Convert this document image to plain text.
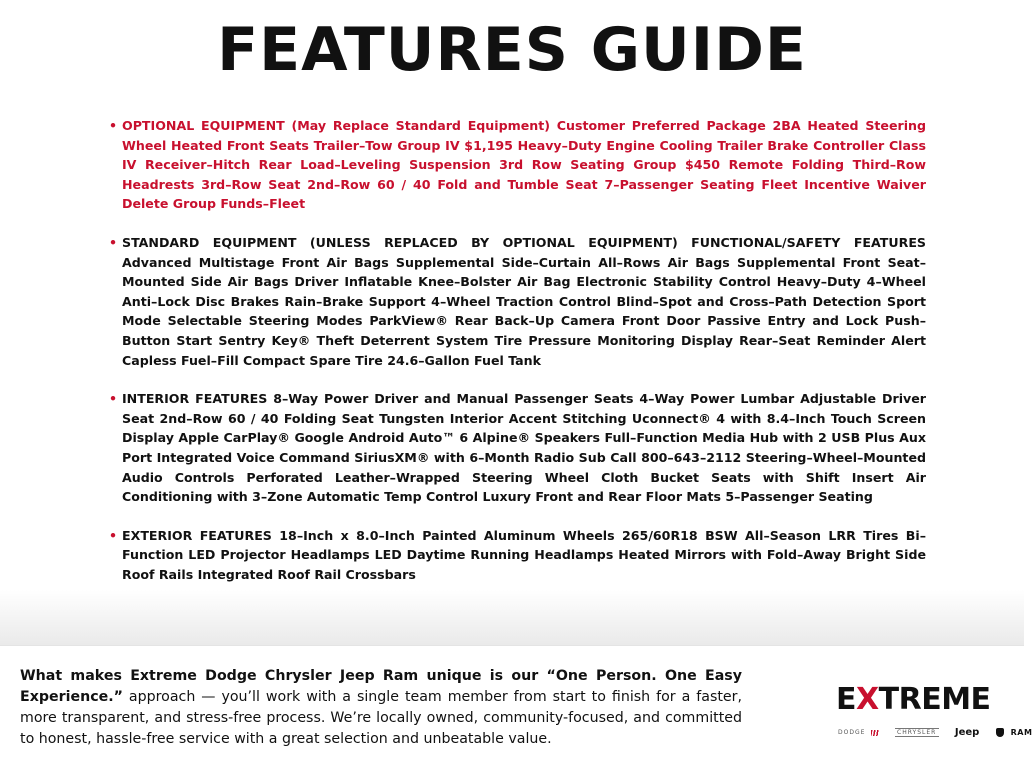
FEATURES GUIDE
• OPTIONAL EQUIPMENT (May Replace Standard Equipment) Customer Preferred Package 2BA Heated Steering Wheel Heated Front Seats Trailer–Tow Group IV $1,195 Heavy–Duty Engine Cooling Trailer Brake Controller Class IV Receiver–Hitch Rear Load–Leveling Suspension 3rd Row Seating Group $450 Remote Folding Third–Row Headrests 3rd–Row Seat 2nd–Row 60 / 40 Fold and Tumble Seat 7–Passenger Seating Fleet Incentive Waiver Delete Group Funds–Fleet
• STANDARD EQUIPMENT (UNLESS REPLACED BY OPTIONAL EQUIPMENT) FUNCTIONAL/SAFETY FEATURES Advanced Multistage Front Air Bags Supplemental Side–Curtain All–Rows Air Bags Supplemental Front Seat–Mounted Side Air Bags Driver Inflatable Knee–Bolster Air Bag Electronic Stability Control Heavy–Duty 4–Wheel Anti–Lock Disc Brakes Rain–Brake Support 4–Wheel Traction Control Blind–Spot and Cross–Path Detection Sport Mode Selectable Steering Modes ParkView® Rear Back–Up Camera Front Door Passive Entry and Lock Push–Button Start Sentry Key® Theft Deterrent System Tire Pressure Monitoring Display Rear–Seat Reminder Alert Capless Fuel–Fill Compact Spare Tire 24.6–Gallon Fuel Tank
• INTERIOR FEATURES 8–Way Power Driver and Manual Passenger Seats 4–Way Power Lumbar Adjustable Driver Seat 2nd–Row 60 / 40 Folding Seat Tungsten Interior Accent Stitching Uconnect® 4 with 8.4–Inch Touch Screen Display Apple CarPlay® Google Android Auto™ 6 Alpine® Speakers Full–Function Media Hub with 2 USB Plus Aux Port Integrated Voice Command SiriusXM® with 6–Month Radio Sub Call 800–643–2112 Steering–Wheel–Mounted Audio Controls Perforated Leather–Wrapped Steering Wheel Cloth Bucket Seats with Shift Insert Air Conditioning with 3–Zone Automatic Temp Control Luxury Front and Rear Floor Mats 5–Passenger Seating
• EXTERIOR FEATURES 18–Inch x 8.0–Inch Painted Aluminum Wheels 265/60R18 BSW All–Season LRR Tires Bi–Function LED Projector Headlamps LED Daytime Running Headlamps Heated Mirrors with Fold–Away Bright Side Roof Rails Integrated Roof Rail Crossbars

What makes Extreme Dodge Chrysler Jeep Ram unique is our “One Person. One Easy Experience.” approach — you’ll work with a single team member from start to finish for a faster, more transparent, and stress-free process. We’re locally owned, community-focused, and committed to honest, hassle-free service with a great selection and unbeatable value.

EXTREME
DODGE	CHRYSLER Jeep	RAM
